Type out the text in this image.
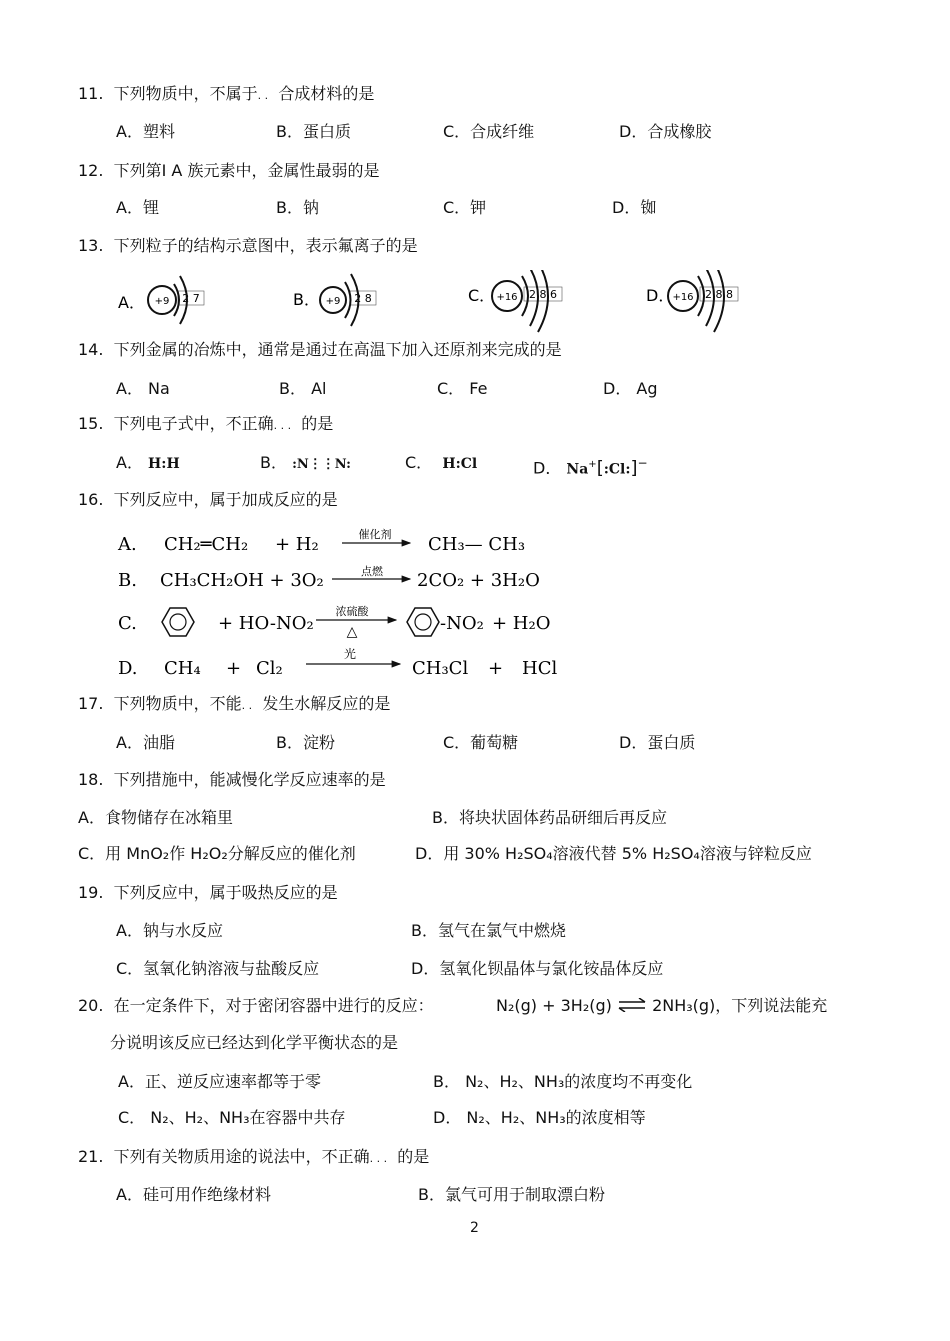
11. 下列物质中，不属于. . 合成材料的是
A．塑料	B．蛋白质	C．合成纤维	D．合成橡胶
12. 下列第Ⅰ A 族元素中，金属性最弱的是
A．锂	B．钠	C．钾	D．铷
13. 下列粒子的结构示意图中，表示氟离子的是
A． +9 2 7	B． +9 2 8	C． +16 2 8 6	D．
+16 2 8 8
14. 下列金属的冶炼中，通常是通过在高温下加入还原剂来完成的是
A． Na	B． Al	C． Fe	D． Ag
15. 下列电子式中，不正确. . . 的是
A． H:H	B． :N⋮⋮N:	C． H:Cl	D． Na+[:Cl:]−
16. 下列反应中，属于加成反应的是
A. CH₂═CH₂ + H₂	催化剂 CH₃— CH₃
B. CH₃CH₂OH + 3O₂	点燃 2CO₂ + 3H₂O
C.	+ HO-NO₂
浓硫酸
△	-NO₂ + H₂O
D. CH₄ + Cl₂
光
CH₃Cl + HCl
17. 下列物质中，不能. . 发生水解反应的是
A．油脂	B．淀粉	C．葡萄糖	D．蛋白质
18. 下列措施中，能减慢化学反应速率的是
A．食物储存在冰箱里	B．将块状固体药品研细后再反应
C．用 MnO₂作 H₂O₂分解反应的催化剂	D．用 30% H₂SO₄溶液代替 5% H₂SO₄溶液与锌粒反应
19. 下列反应中，属于吸热反应的是
A．钠与水反应	B．氢气在氯气中燃烧
C．氢氧化钠溶液与盐酸反应	D．氢氧化钡晶体与氯化铵晶体反应
20. 在一定条件下，对于密闭容器中进行的反应：	N₂(g) + 3H₂(g) ⇌ 2NH₃(g)，下列说法能充
分说明该反应已经达到化学平衡状态的是
A．正、逆反应速率都等于零	B． N₂、H₂、NH₃的浓度均不再变化
C． N₂、H₂、NH₃在容器中共存	D． N₂、H₂、NH₃的浓度相等
21. 下列有关物质用途的说法中，不正确. . . 的是
A．硅可用作绝缘材料	B．氯气可用于制取漂白粉
2
